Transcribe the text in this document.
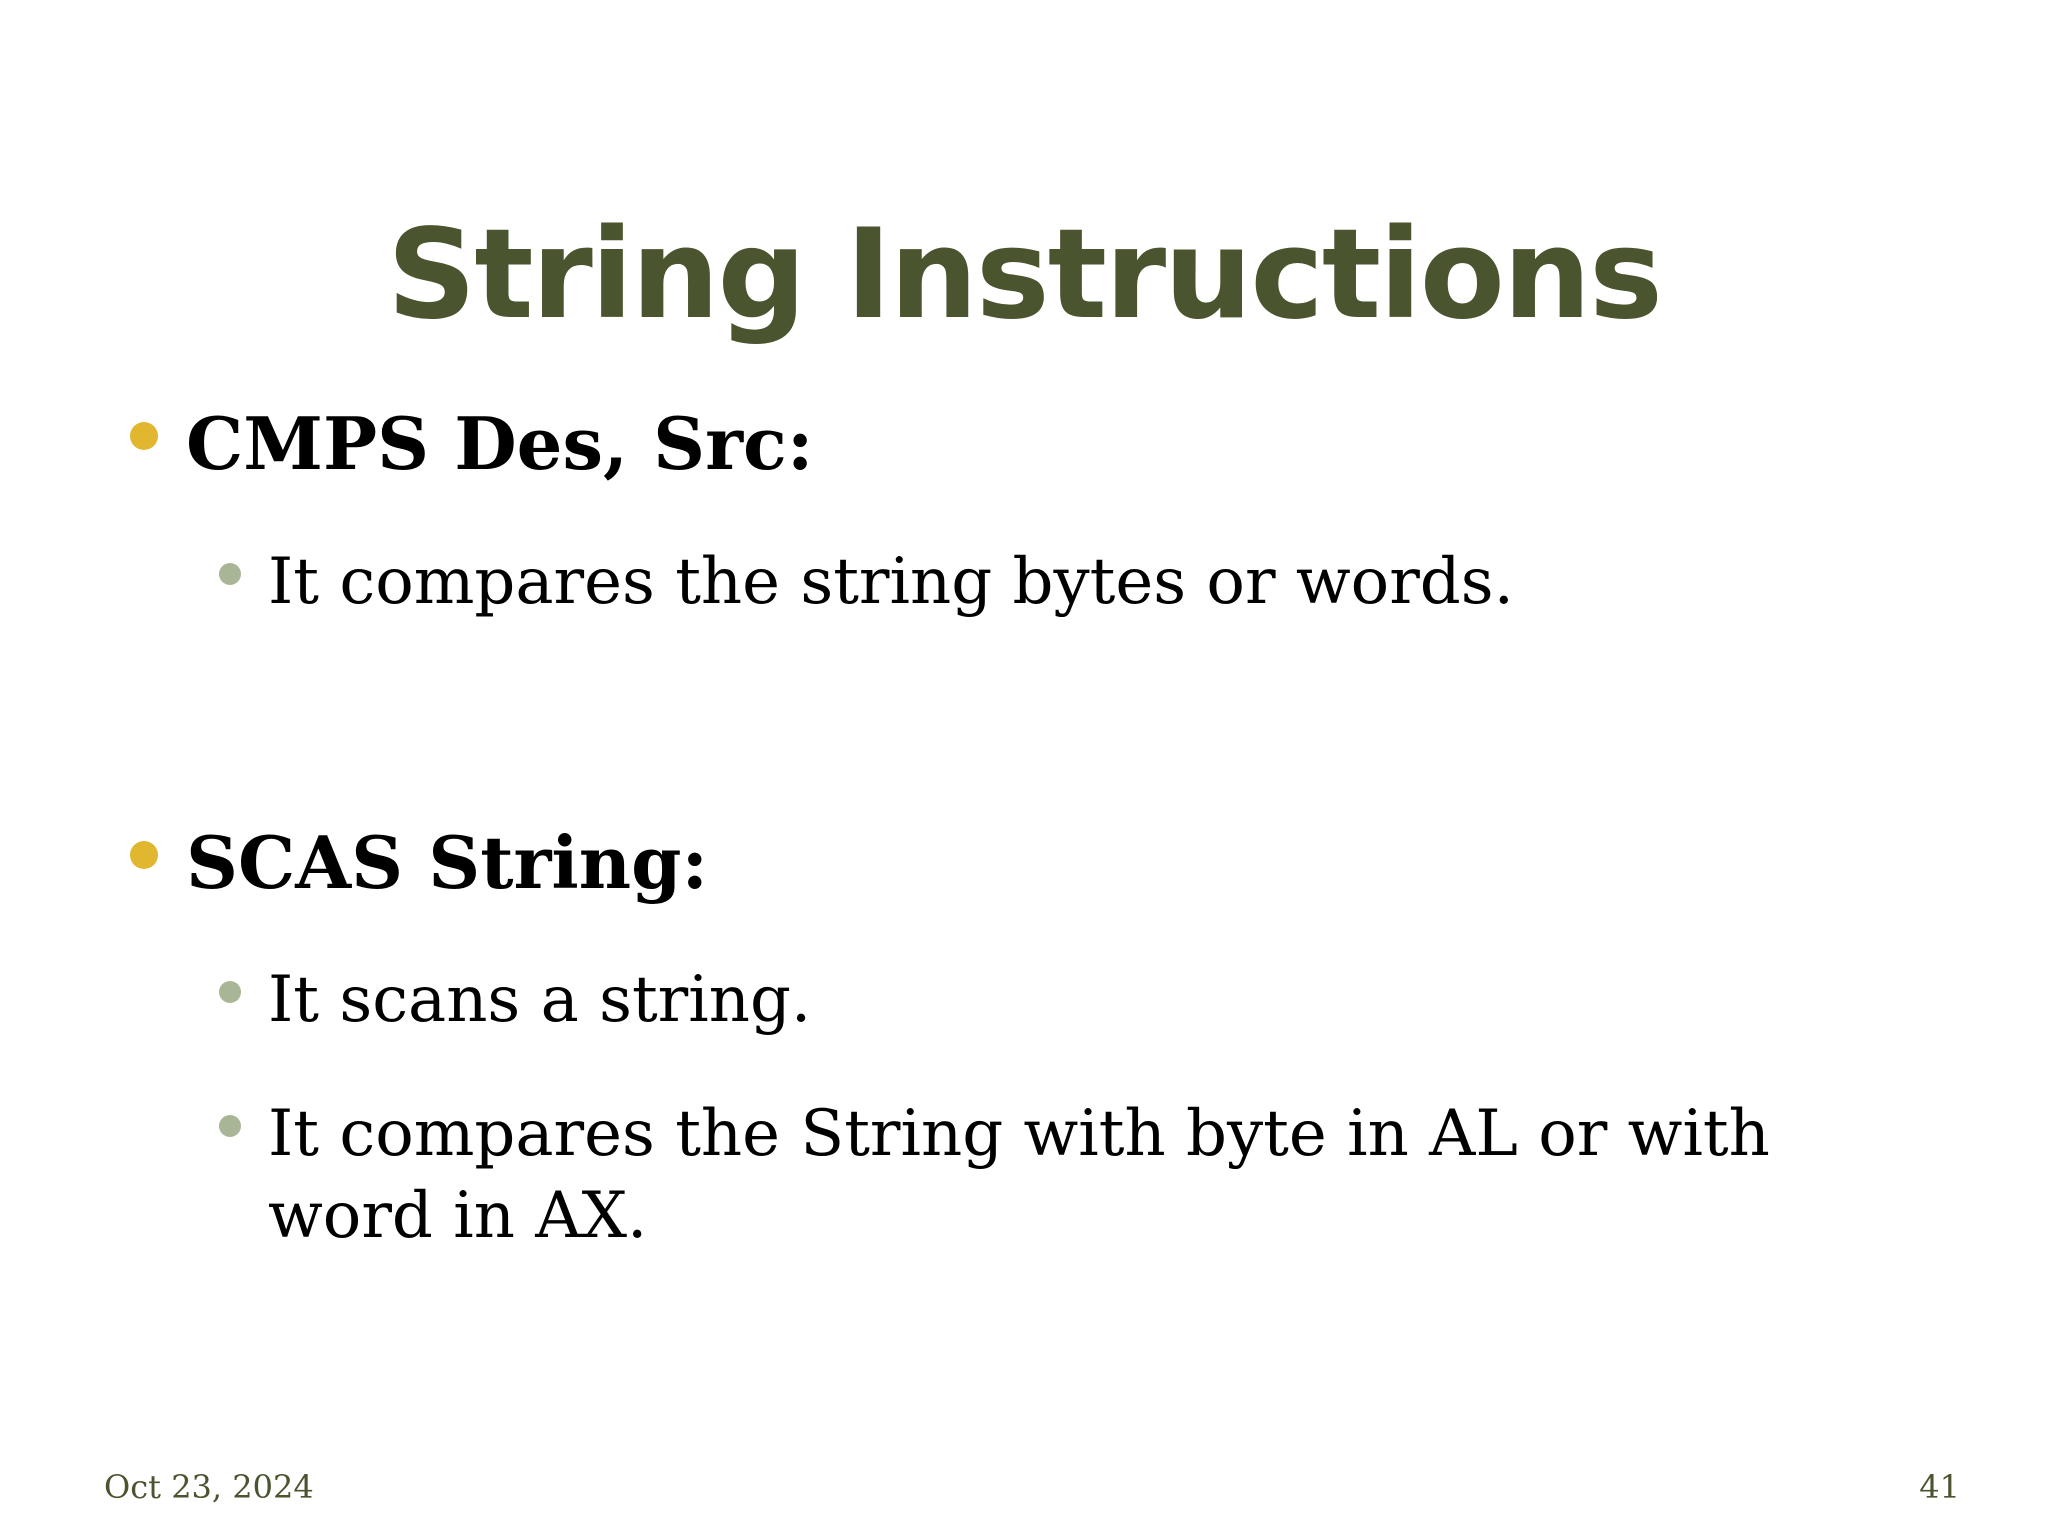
String Instructions
CMPS Des, Src:
It compares the string bytes or words.
SCAS String:
It scans a string.
It compares the String with byte in AL or with word in AX.
Oct 23, 2024	41
